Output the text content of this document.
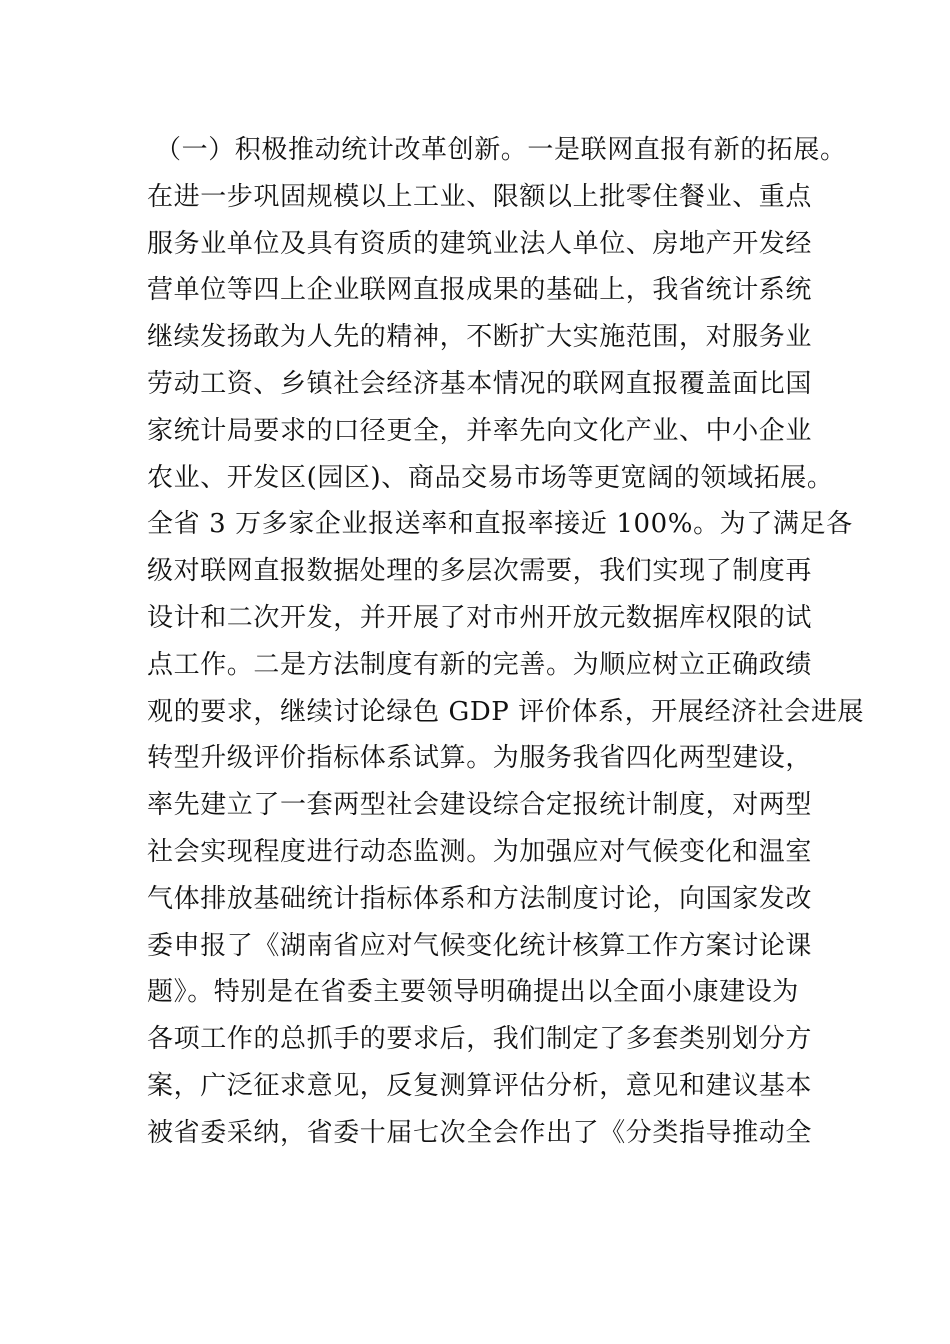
（一）积极推动统计改革创新。一是联网直报有新的拓展。
在进一步巩固规模以上工业、限额以上批零住餐业、重点
服务业单位及具有资质的建筑业法人单位、房地产开发经
营单位等四上企业联网直报成果的基础上，我省统计系统
继续发扬敢为人先的精神，不断扩大实施范围，对服务业
劳动工资、乡镇社会经济基本情况的联网直报覆盖面比国
家统计局要求的口径更全，并率先向文化产业、中小企业
农业、开发区(园区)、商品交易市场等更宽阔的领域拓展。
全省 3 万多家企业报送率和直报率接近 100%。为了满足各
级对联网直报数据处理的多层次需要，我们实现了制度再
设计和二次开发，并开展了对市州开放元数据库权限的试
点工作。二是方法制度有新的完善。为顺应树立正确政绩
观的要求，继续讨论绿色 GDP 评价体系，开展经济社会进展
转型升级评价指标体系试算。为服务我省四化两型建设，
率先建立了一套两型社会建设综合定报统计制度，对两型
社会实现程度进行动态监测。为加强应对气候变化和温室
气体排放基础统计指标体系和方法制度讨论，向国家发改
委申报了《湖南省应对气候变化统计核算工作方案讨论课
题》。特别是在省委主要领导明确提出以全面小康建设为
各项工作的总抓手的要求后，我们制定了多套类别划分方
案，广泛征求意见，反复测算评估分析，意见和建议基本
被省委采纳，省委十届七次全会作出了《分类指导推动全
